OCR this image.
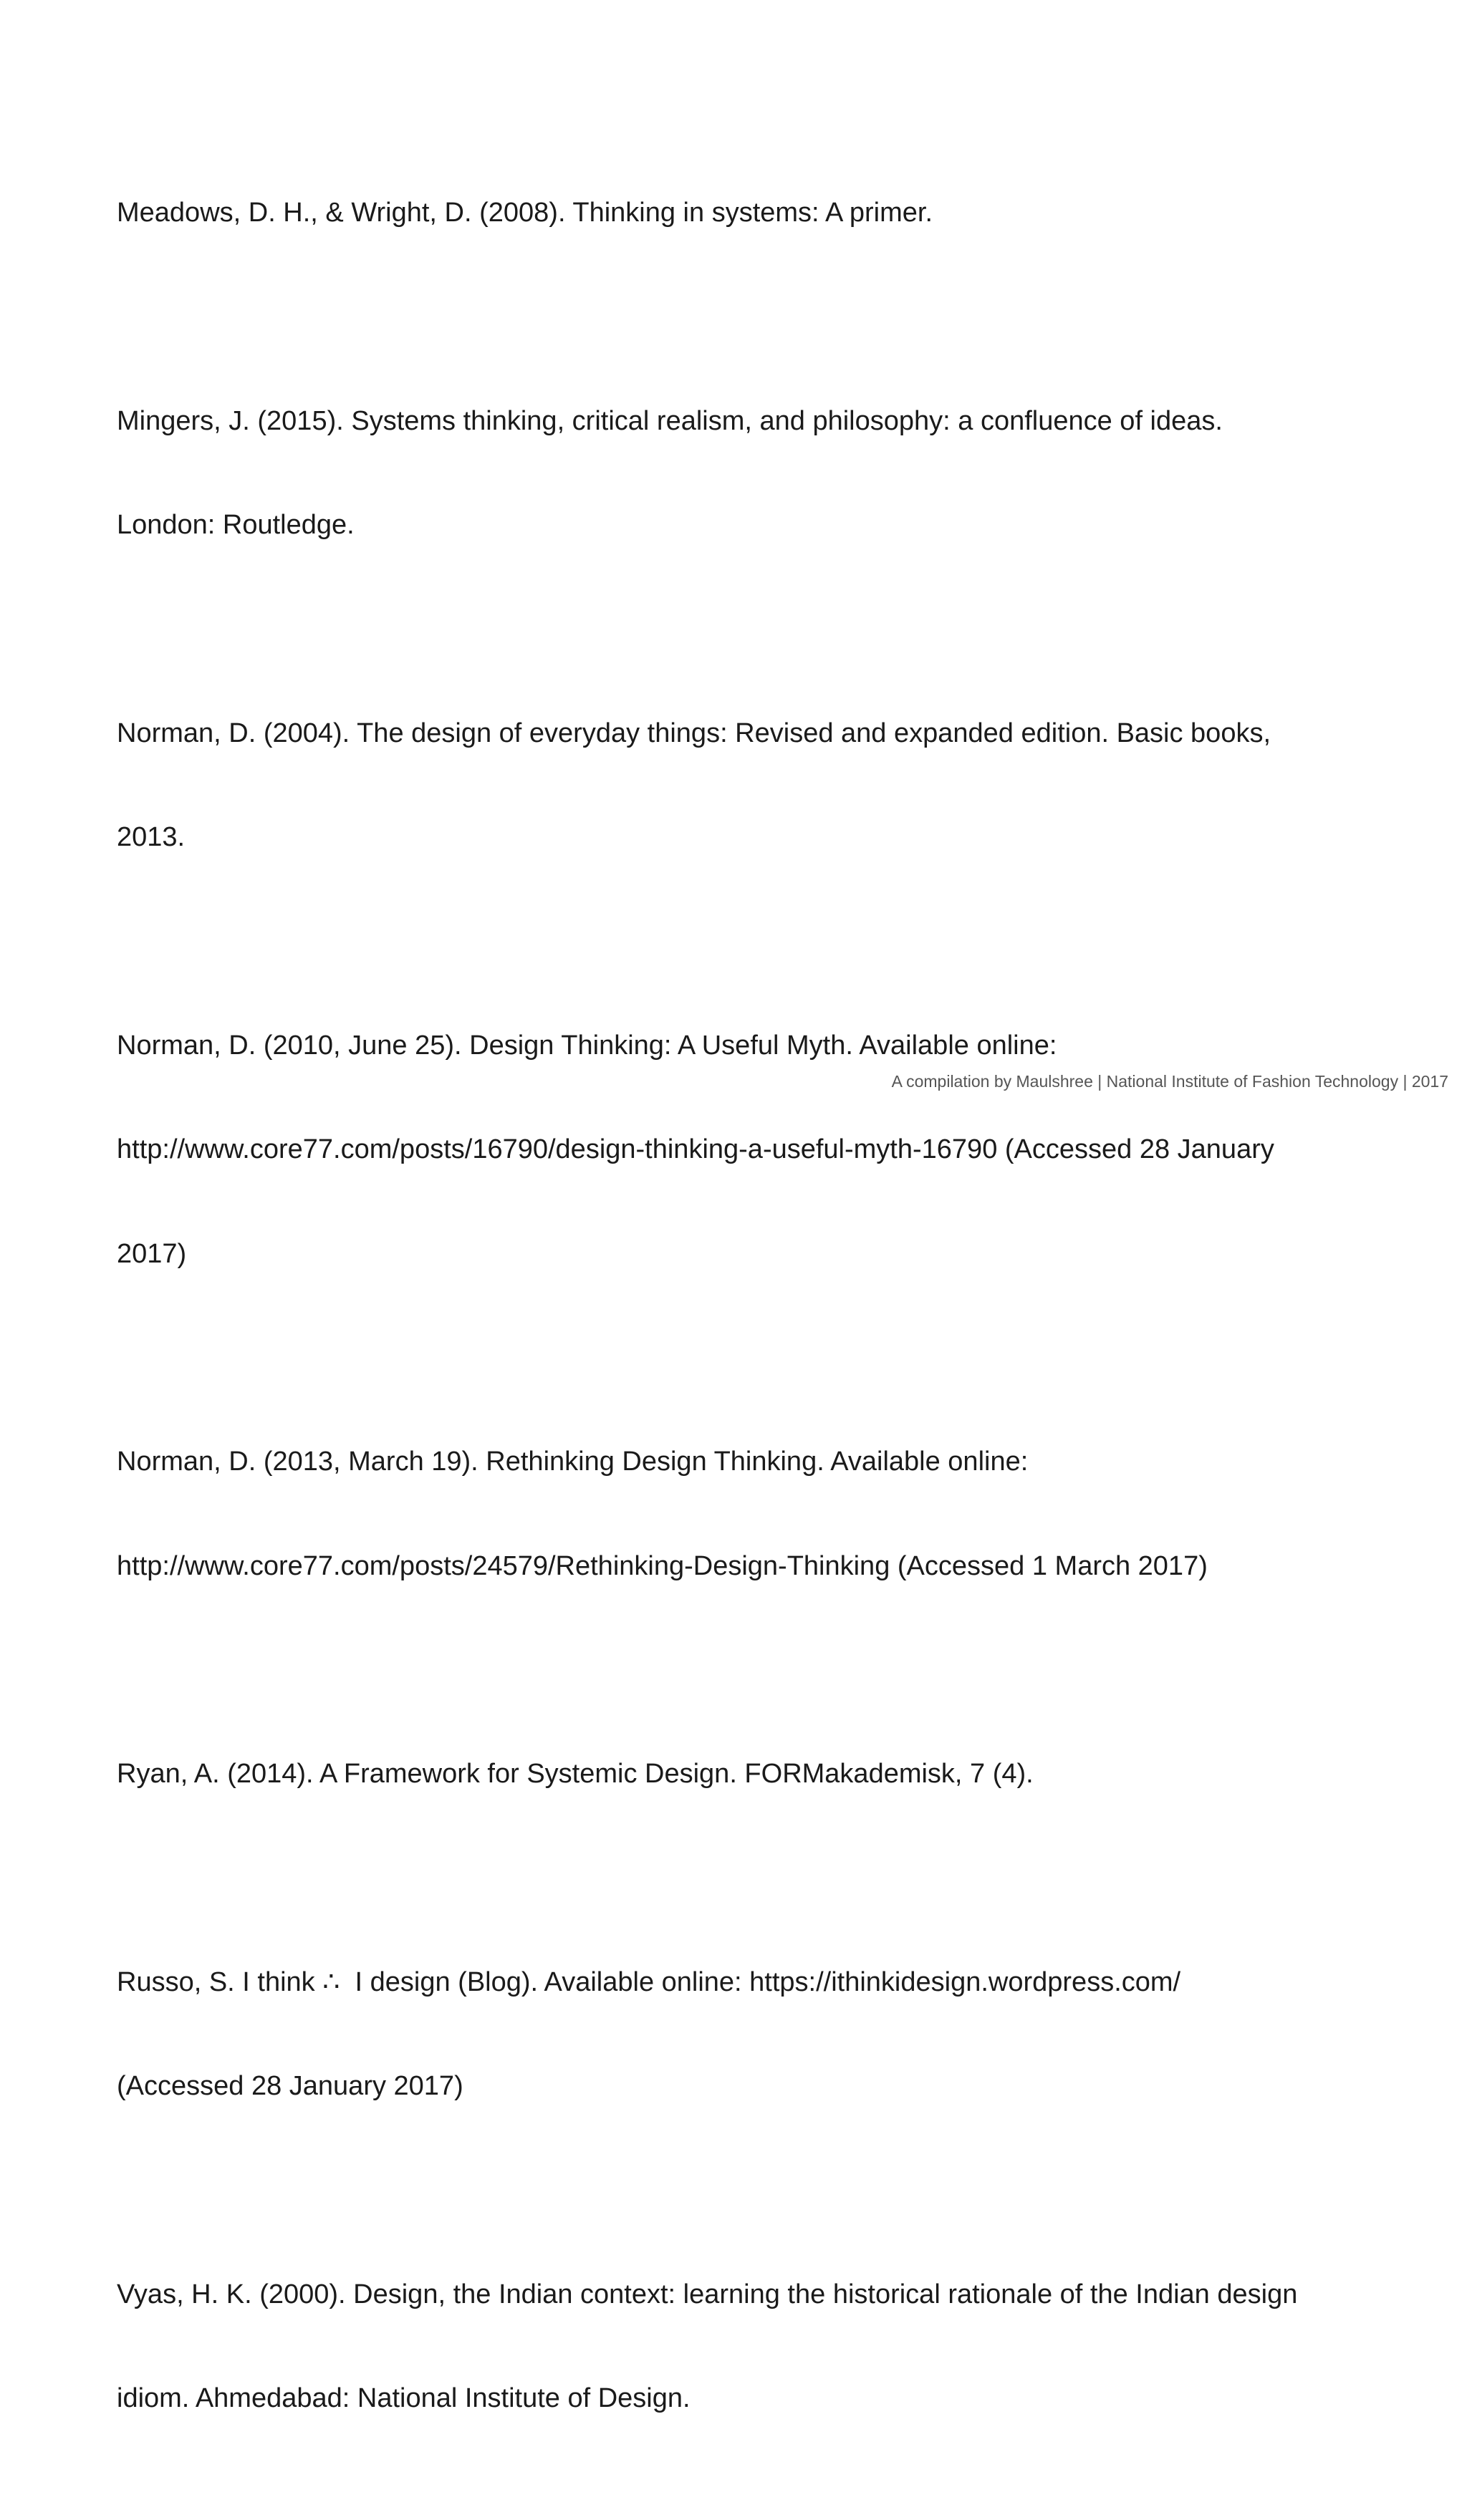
Meadows, D. H., & Wright, D. (2008). Thinking in systems: A primer.

Mingers, J. (2015). Systems thinking, critical realism, and philosophy: a confluence of ideas.

London: Routledge.

Norman, D. (2004). The design of everyday things: Revised and expanded edition. Basic books,

2013.

Norman, D. (2010, June 25). Design Thinking: A Useful Myth. Available online:

http://www.core77.com/posts/16790/design-thinking-a-useful-myth-16790 (Accessed 28 January

2017)

Norman, D. (2013, March 19). Rethinking Design Thinking. Available online:

http://www.core77.com/posts/24579/Rethinking-Design-Thinking (Accessed 1 March 2017)

Ryan, A. (2014). A Framework for Systemic Design. FORMakademisk, 7 (4).

Russo, S. I think ∴  I design (Blog). Available online: https://ithinkidesign.wordpress.com/

(Accessed 28 January 2017)

Vyas, H. K. (2000). Design, the Indian context: learning the historical rationale of the Indian design

idiom. Ahmedabad: National Institute of Design.

A compilation by Maulshree | National Institute of Fashion Technology | 2017
